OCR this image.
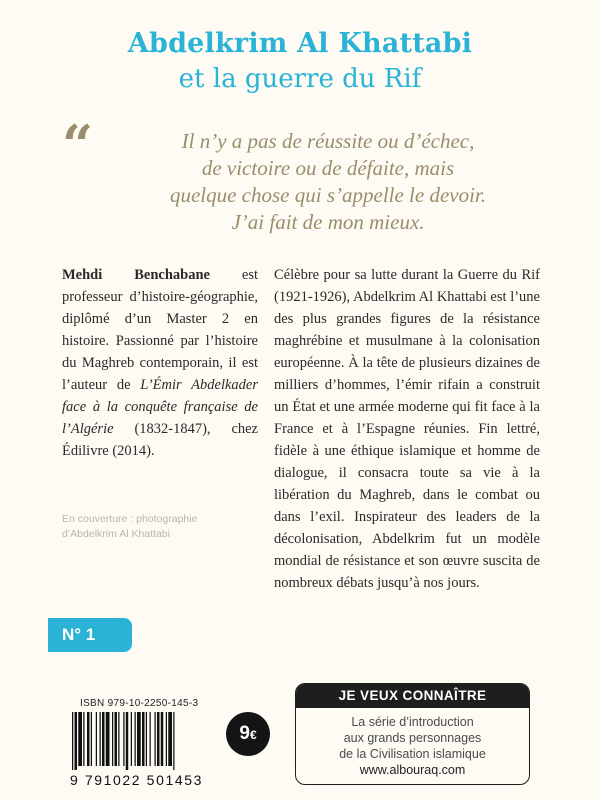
Abdelkrim Al Khattabi
et la guerre du Rif
“	Il n’y a pas de réussite ou d’échec,
de victoire ou de défaite, mais
quelque chose qui s’appelle le devoir.
J’ai fait de mon mieux.
Mehdi Benchabane est professeur d’histoire-géographie, diplômé d’un Master 2 en histoire. Passionné par l’histoire du Maghreb contemporain, il est l’auteur de L’Émir Abdelkader face à la conquête française de l’Algérie (1832-1847), chez Édilivre (2014).
En couverture : photographie
d’Abdelkrim Al Khattabi
Célèbre pour sa lutte durant la Guerre du Rif (1921-1926), Abdelkrim Al Khattabi est l’une des plus grandes figures de la résistance maghrébine et musulmane à la colonisation européenne. À la tête de plusieurs dizaines de milliers d’hommes, l’émir rifain a construit un État et une armée moderne qui fit face à la France et à l’Espagne réunies. Fin lettré, fidèle à une éthique islamique et homme de dialogue, il consacra toute sa vie à la libération du Maghreb, dans le combat ou dans l’exil. Inspirateur des leaders de la décolonisation, Abdelkrim fut un modèle mondial de résistance et son œuvre suscita de nombreux débats jusqu’à nos jours.
N° 1
ISBN 979-10-2250-145-3
9 791022 501453
9€
JE VEUX CONNAÎTRE
La série d’introduction
aux grands personnages
de la Civilisation islamique
www.albouraq.com
